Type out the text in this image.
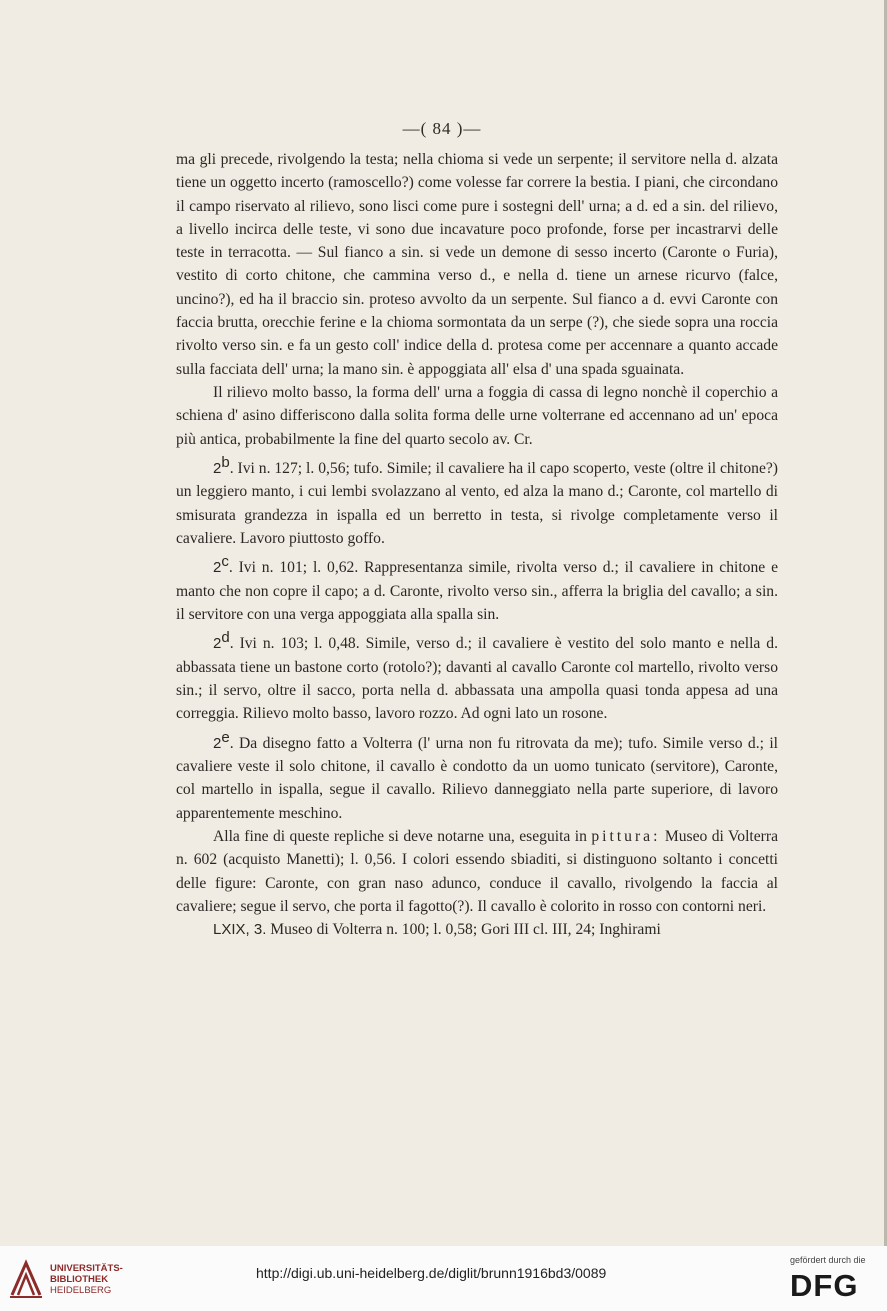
—( 84 )—

ma gli precede, rivolgendo la testa; nella chioma si vede un serpente; il servitore nella d. alzata tiene un oggetto incerto (ramoscello?) come volesse far correre la bestia. I piani, che circondano il campo riservato al rilievo, sono lisci come pure i sostegni dell' urna; a d. ed a sin. del rilievo, a livello incirca delle teste, vi sono due incavature poco profonde, forse per incastrarvi delle teste in terracotta. — Sul fianco a sin. si vede un demone di sesso incerto (Caronte o Furia), vestito di corto chitone, che cammina verso d., e nella d. tiene un arnese ricurvo (falce, uncino?), ed ha il braccio sin. proteso avvolto da un serpente. Sul fianco a d. evvi Caronte con faccia brutta, orecchie ferine e la chioma sormontata da un serpe (?), che siede sopra una roccia rivolto verso sin. e fa un gesto coll' indice della d. protesa come per accennare a quanto accade sulla facciata dell' urna; la mano sin. è appoggiata all' elsa d' una spada sguainata.

Il rilievo molto basso, la forma dell' urna a foggia di cassa di legno nonchè il coperchio a schiena d' asino differiscono dalla solita forma delle urne volterrane ed accennano ad un' epoca più antica, probabilmente la fine del quarto secolo av. Cr.

2$^b$. Ivi n. 127; l. 0,56; tufo. Simile; il cavaliere ha il capo scoperto, veste (oltre il chitone?) un leggiero manto, i cui lembi svolazzano al vento, ed alza la mano d.; Caronte, col martello di smisurata grandezza in ispalla ed un berretto in testa, si rivolge completamente verso il cavaliere. Lavoro piuttosto goffo.

2$^c$. Ivi n. 101; l. 0,62. Rappresentanza simile, rivolta verso d.; il cavaliere in chitone e manto che non copre il capo; a d. Caronte, rivolto verso sin., afferra la briglia del cavallo; a sin. il servitore con una verga appoggiata alla spalla sin.

2$^d$. Ivi n. 103; l. 0,48. Simile, verso d.; il cavaliere è vestito del solo manto e nella d. abbassata tiene un bastone corto (rotolo?); davanti al cavallo Caronte col martello, rivolto verso sin.; il servo, oltre il sacco, porta nella d. abbassata una ampolla quasi tonda appesa ad una correggia. Rilievo molto basso, lavoro rozzo. Ad ogni lato un rosone.

2e. Da disegno fatto a Volterra (l' urna non fu ritrovata da me); tufo. Simile verso d.; il cavaliere veste il solo chitone, il cavallo è condotto da un uomo tunicato (servitore), Caronte, col martello in ispalla, segue il cavallo. Rilievo danneggiato nella parte superiore, di lavoro apparentemente meschino.

Alla fine di queste repliche si deve notarne una, eseguita in pittura: Museo di Volterra n. 602 (acquisto Manetti); l. 0,56. I colori essendo sbiaditi, si distinguono soltanto i concetti delle figure: Caronte, con gran naso adunco, conduce il cavallo, rivolgendo la faccia al cavaliere; segue il servo, che porta il fagotto(?). Il cavallo è colorito in rosso con contorni neri.

LXIX, 3. Museo di Volterra n. 100; l. 0,58; Gori III cl. III, 24; Inghirami

UNIVERSITÄTS-
BIBLIOTHEK
HEIDELBERG
http://digi.ub.uni-heidelberg.de/diglit/brunn1916bd3/0089
gefördert durch die
DFG
